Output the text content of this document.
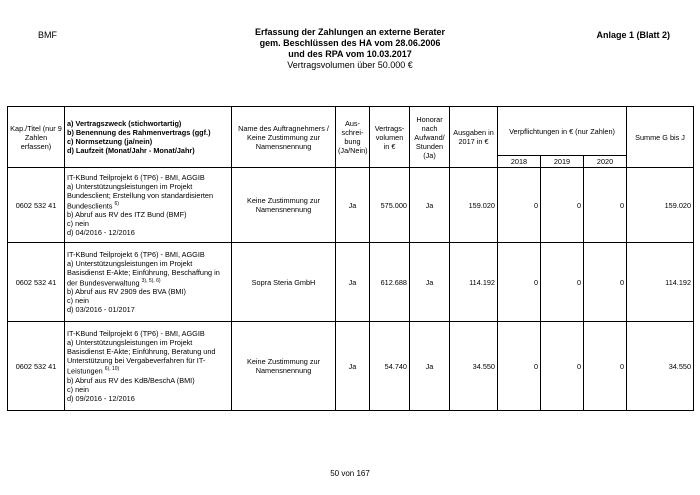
BMF	Anlage 1 (Blatt 2)
Erfassung der Zahlungen an externe Berater
gem. Beschlüssen des HA vom 28.06.2006
und des RPA vom 10.03.2017
Vertragsvolumen über 50.000 €
Kap./Titel (nur 9 Zahlen erfassen)	a) Vertragszweck (stichwortartig)
b) Benennung des Rahmenvertrags (ggf.)
c) Normsetzung (ja/nein)
d) Laufzeit (Monat/Jahr - Monat/Jahr)	Name des Auftragnehmers / Keine Zustimmung zur Namensnennung	Aus-schrei-bung (Ja/Nein)	Vertrags-volumen in €	Honorar nach Aufwand/ Stunden (Ja)	Ausgaben in 2017 in €	Verpflichtungen in € (nur Zahlen)			Summe G bis J
							2018	2019	2020	
0602 532 41	IT-KBund Teilprojekt 6 (TP6) - BMI, AGGIB
a) Unterstützungsleistungen im Projekt Bundesclient; Erstellung von standardisierten Bundesclients $^{6)}$
b) Abruf aus RV des ITZ Bund (BMF)
c) nein
d) 04/2016 - 12/2016	Keine Zustimmung zur Namensnennung	Ja	575.000	Ja	159.020	0	0	0	159.020
0602 532 41	IT-KBund Teilprojekt 6 (TP6) - BMI, AGGIB
a) Unterstützungsleistungen im Projekt Basisdienst E-Akte; Einführung, Beschaffung in der Bundesverwaltung $^{3), 5), 6)}$
b) Abruf aus RV 2909 des BVA (BMI)
c) nein
d) 03/2016 - 01/2017	Sopra Steria GmbH	Ja	612.688	Ja	114.192	0	0	0	114.192
0602 532 41	IT-KBund Teilprojekt 6 (TP6) - BMI, AGGIB
a) Unterstützungsleistungen im Projekt Basisdienst E-Akte; Einführung, Beratung und Unterstützung bei Vergabeverfahren für IT-Leistungen $^{6), 10)}$
b) Abruf aus RV des KdB/BeschA (BMI)
c) nein
d) 09/2016 - 12/2016	Keine Zustimmung zur Namensnennung	Ja	54.740	Ja	34.550	0	0	0	34.550
50 von 167
